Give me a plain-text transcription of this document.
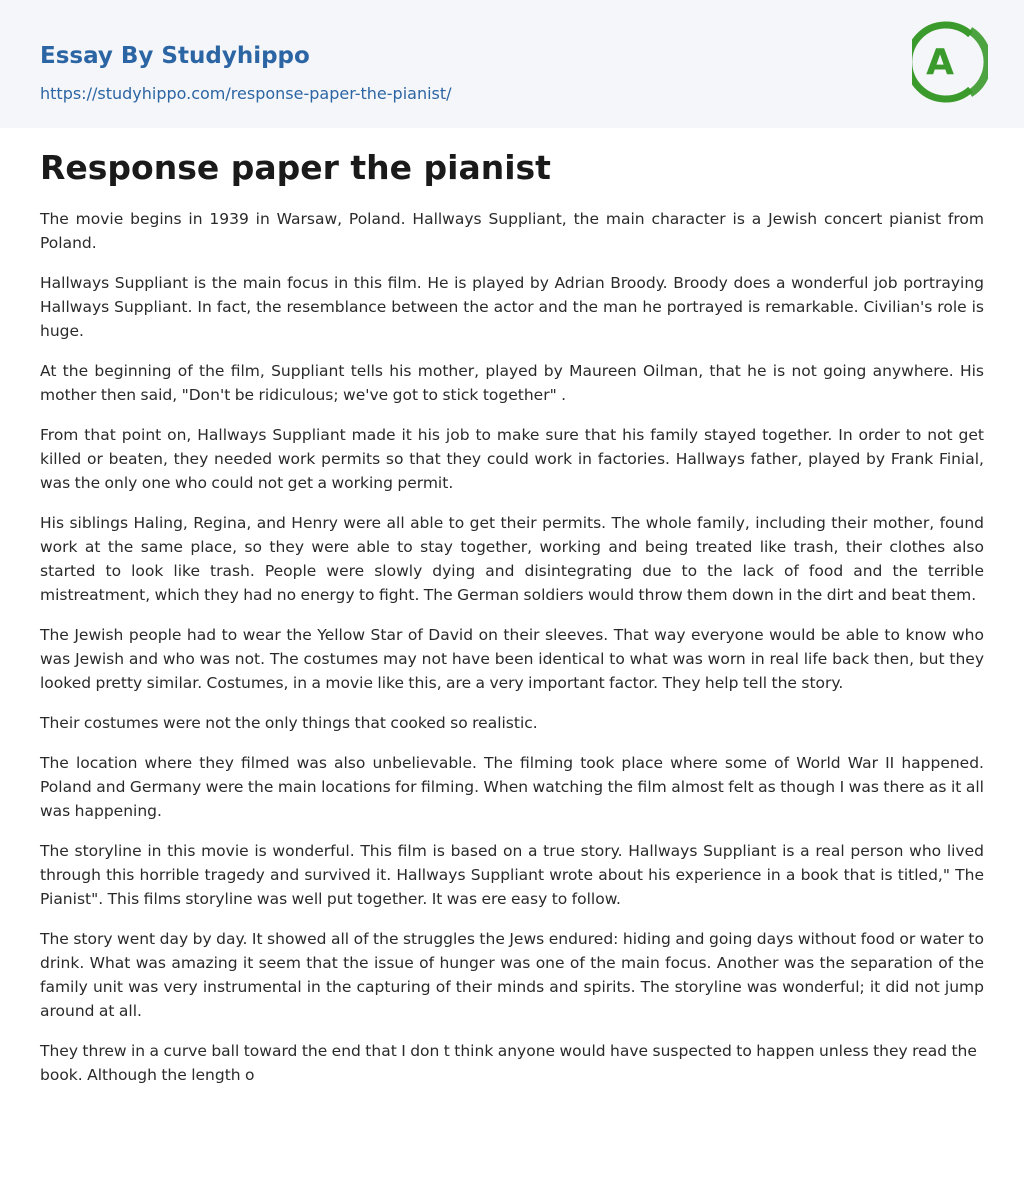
Essay By Studyhippo
https://studyhippo.com/response-paper-the-pianist/
A
Response paper the pianist

The movie begins in 1939 in Warsaw, Poland. Hallways Suppliant, the main character is a Jewish concert pianist from Poland.

Hallways Suppliant is the main focus in this film. He is played by Adrian Broody. Broody does a wonderful job portraying Hallways Suppliant. In fact, the resemblance between the actor and the man he portrayed is remarkable. Civilian's role is huge.

At the beginning of the film, Suppliant tells his mother, played by Maureen Oilman, that he is not going anywhere. His mother then said, "Don't be ridiculous; we've got to stick together" .

From that point on, Hallways Suppliant made it his job to make sure that his family stayed together. In order to not get killed or beaten, they needed work permits so that they could work in factories. Hallways father, played by Frank Finial, was the only one who could not get a working permit.

His siblings Haling, Regina, and Henry were all able to get their permits. The whole family, including their mother, found work at the same place, so they were able to stay together, working and being treated like trash, their clothes also started to look like trash. People were slowly dying and disintegrating due to the lack of food and the terrible mistreatment, which they had no energy to fight. The German soldiers would throw them down in the dirt and beat them.

The Jewish people had to wear the Yellow Star of David on their sleeves. That way everyone would be able to know who was Jewish and who was not. The costumes may not have been identical to what was worn in real life back then, but they looked pretty similar. Costumes, in a movie like this, are a very important factor. They help tell the story.

Their costumes were not the only things that cooked so realistic.

The location where they filmed was also unbelievable. The filming took place where some of World War II happened. Poland and Germany were the main locations for filming. When watching the film almost felt as though I was there as it all was happening.

The storyline in this movie is wonderful. This film is based on a true story. Hallways Suppliant is a real person who lived through this horrible tragedy and survived it. Hallways Suppliant wrote about his experience in a book that is titled," The Pianist". This films storyline was well put together. It was ere easy to follow.

The story went day by day. It showed all of the struggles the Jews endured: hiding and going days without food or water to drink. What was amazing it seem that the issue of hunger was one of the main focus. Another was the separation of the family unit was very instrumental in the capturing of their minds and spirits. The storyline was wonderful; it did not jump around at all.

They threw in a curve ball toward the end that I don t think anyone would have suspected to happen unless they read the book. Although the length o
